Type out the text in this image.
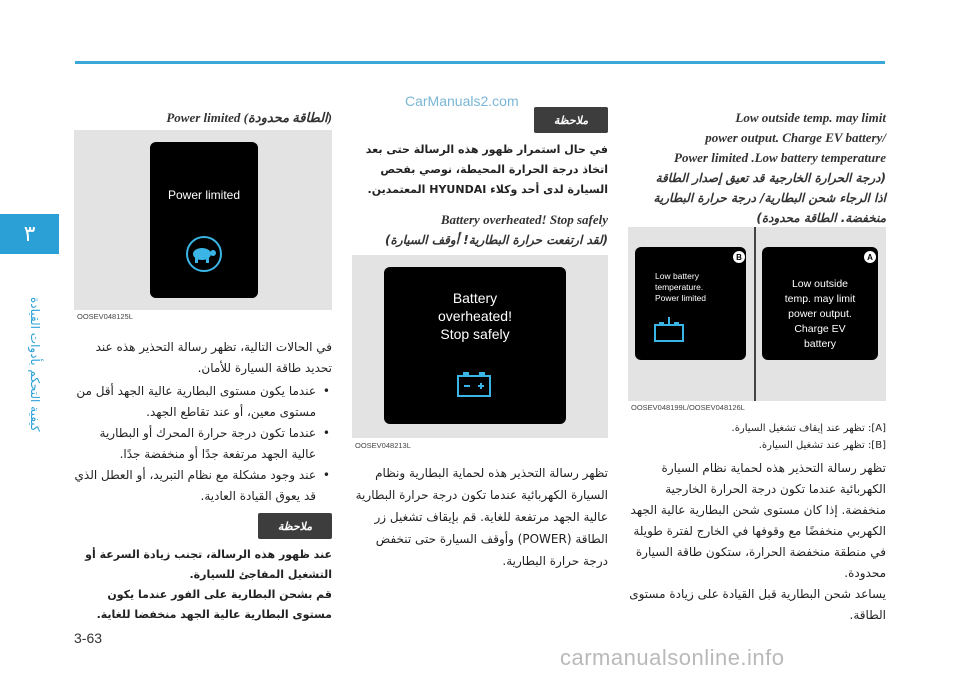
٣
ﻛﻴﻔﻴﺔ ﺍﻟﺘﺤﻜﻢ ﺑﺄﺩﻭﺍﺕ ﺍﻟﻘﻴﺎﺩﺓ
CarManuals2.com

Low outside temp. may limit

/power output. Charge EV battery

Power limited .Low battery temperature

(درجة الحرارة الخارجية قد تعيق إصدار الطاقة

اذا الرجاء شحن البطارية/ درجة حرارة البطارية

منخفضة. الطاقة محدودة)

B
Low battery
temperature.
Power limited
A
Low outside
temp. may limit
power output.
Charge EV
battery
OOSEV048199L/OOSEV048126L

[A]: تظهر عند إيقاف تشغيل السيارة.

[B]: تظهر عند تشغيل السيارة.

تظهر رسالة التحذير هذه لحماية نظام السيارة الكهربائية عندما تكون درجة الحرارة الخارجية منخفضة. إذا كان مستوى شحن البطارية عالية الجهد الكهربي منخفضًا مع وقوفها في الخارج لفترة طويلة في منطقة منخفضة الحرارة، ستكون طاقة السيارة محدودة.

يساعد شحن البطارية قبل القيادة على زيادة مستوى الطاقة.

ملاحظة

في حال استمرار ظهور هذه الرسالة حتى بعد اتخاذ درجة الحرارة المحيطة، نوصي بفحص السيارة لدى أحد وكلاء HYUNDAI المعتمدين.

Battery overheated! Stop safely

(لقد ارتفعت حرارة البطارية! أوقف السيارة)

Battery
overheated!
Stop safely
OOSEV048213L

تظهر رسالة التحذير هذه لحماية البطارية ونظام السيارة الكهربائية عندما تكون درجة حرارة البطارية عالية الجهد مرتفعة للغاية. قم بإيقاف تشغيل زر الطاقة (POWER) وأوقف السيارة حتى تنخفض درجة حرارة البطارية.

(الطاقة محدودة) Power limited

Power limited
OOSEV048125L

في الحالات التالية، تظهر رسالة التحذير هذه عند تحديد طاقة السيارة للأمان.

• عندما يكون مستوى البطارية عالية الجهد أقل من مستوى معين، أو عند تقاطع الجهد.
• عندما تكون درجة حرارة المحرك أو البطارية عالية الجهد مرتفعة جدًا أو منخفضة جدًا.
• عند وجود مشكلة مع نظام التبريد، أو العطل الذي قد يعوق القيادة العادية.
ملاحظة

عند ظهور هذه الرسالة، تجنب زيادة السرعة أو التشغيل المفاجئ للسيارة.

قم بشحن البطارية على الفور عندما يكون مستوى البطارية عالية الجهد منخفضا للغاية.

3-63
carmanualsonline.info
